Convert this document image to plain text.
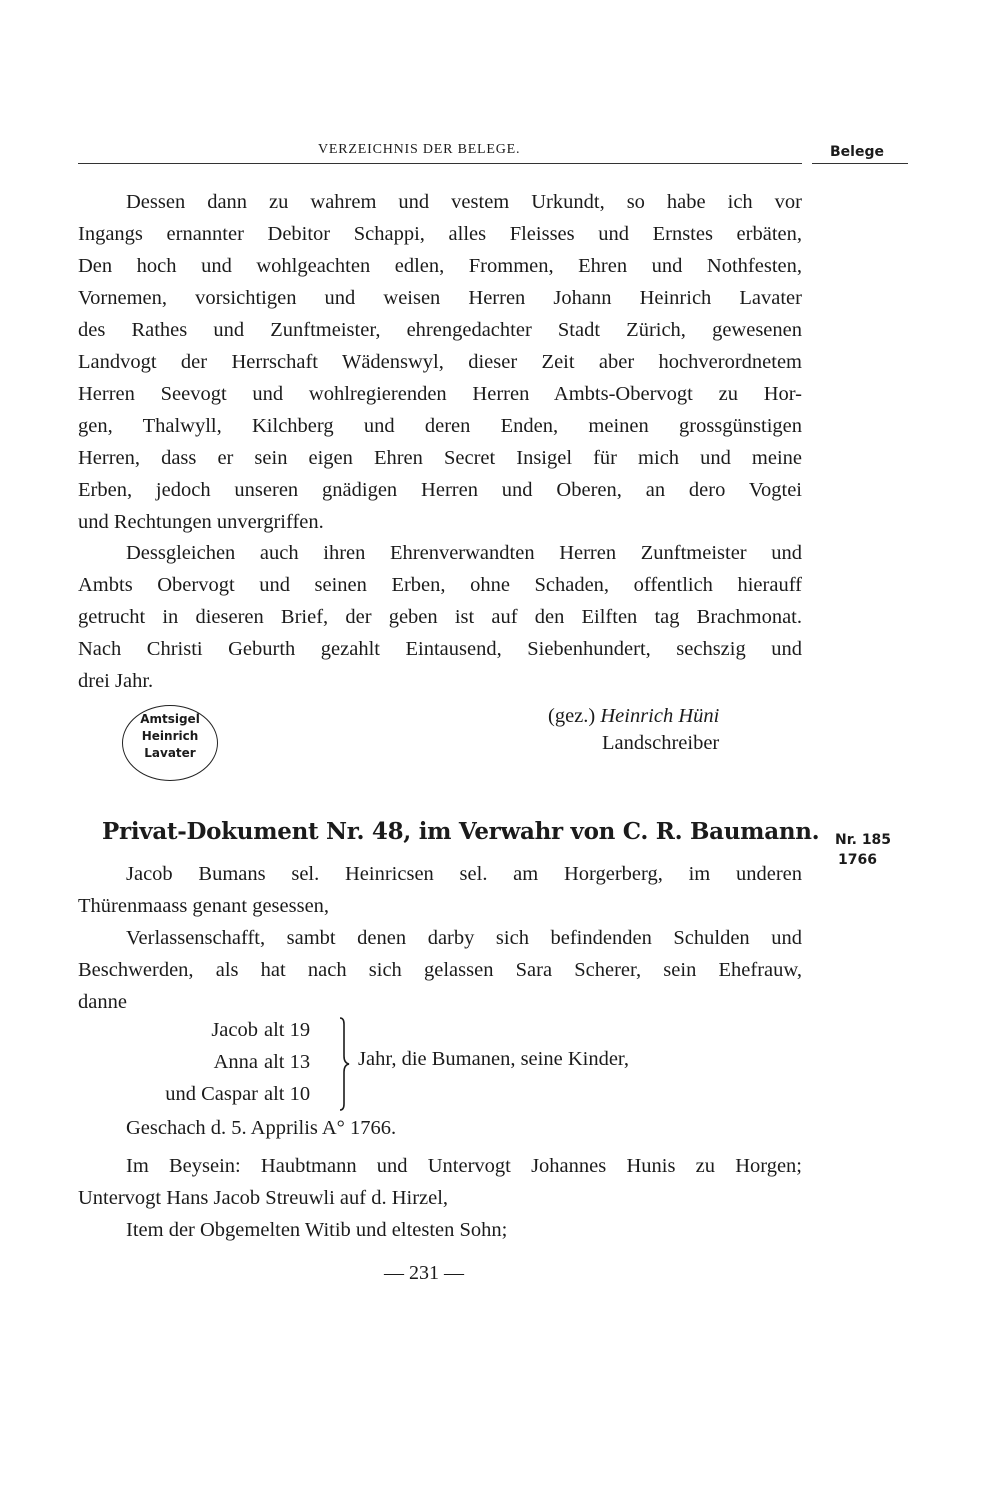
VERZEICHNIS DER BELEGE.	Belege
Dessen dann zu wahrem und vestem Urkundt, so habe ich vor
Ingangs ernannter Debitor Schappi, alles Fleisses und Ernstes erbäten,
Den hoch und wohlgeachten edlen, Frommen, Ehren und Nothfesten,
Vornemen, vorsichtigen und weisen Herren Johann Heinrich Lavater
des Rathes und Zunftmeister, ehrengedachter Stadt Zürich, gewesenen
Landvogt der Herrschaft Wädenswyl, dieser Zeit aber hochverordnetem
Herren Seevogt und wohlregierenden Herren Ambts-Obervogt zu Hor-
gen, Thalwyll, Kilchberg und deren Enden, meinen grossgünstigen
Herren, dass er sein eigen Ehren Secret Insigel für mich und meine
Erben, jedoch unseren gnädigen Herren und Oberen, an dero Vogtei
und Rechtungen unvergriffen.
Dessgleichen auch ihren Ehrenverwandten Herren Zunftmeister und
Ambts Obervogt und seinen Erben, ohne Schaden, offentlich hierauff
getrucht in dieseren Brief, der geben ist auf den Eilften tag Brachmonat.
Nach Christi Geburth gezahlt Eintausend, Siebenhundert, sechszig und
drei Jahr.
Amtsigel
Heinrich
Lavater
(gez.) Heinrich Hüni
Landschreiber
Privat-Dokument Nr. 48, im Verwahr von C. R. Baumann. Nr. 185
1766
Jacob Bumans sel. Heinricsen sel. am Horgerberg, im underen
Thürenmaass genant gesessen,
Verlassenschafft, sambt denen darby sich befindenden Schulden und
Beschwerden, als hat nach sich gelassen Sara Scherer, sein Ehefrauw,
danne
Jacob alt 19
Anna alt 13
und Caspar alt 10
Jahr, die Bumanen, seine Kinder,
Geschach d. 5. Apprilis A° 1766.
Im Beysein: Haubtmann und Untervogt Johannes Hunis zu Horgen;
Untervogt Hans Jacob Streuwli auf d. Hirzel,
Item der Obgemelten Witib und eltesten Sohn;
— 231 —
